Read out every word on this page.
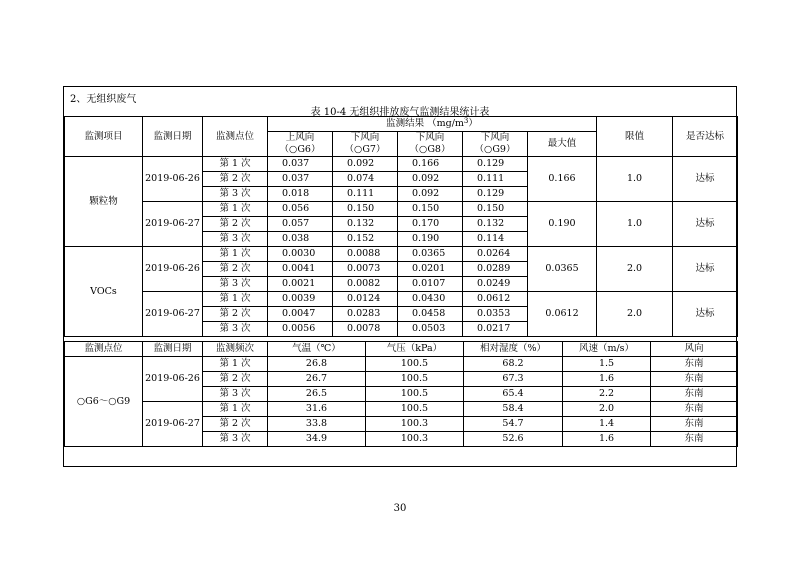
2、无组织废气
表 10-4 无组织排放废气监测结果统计表
监测项目	监测日期	监测点位	监测结果 $(mg/m^3)$					限值	是否达标
			上风向	下风向	下风向	下风向	最大值		
			（○G6）	（○G7）	（○G8）	（○G9）			
颗粒物	2019-06-26	第 1 次	0.037	0.092	0.166	0.129	0.166	1.0	达标
		第 2 次	0.037	0.074	0.092	0.111			
		第 3 次	0.018	0.111	0.092	0.129			
	2019-06-27	第 1 次	0.056	0.150	0.150	0.150	0.190	1.0	达标
		第 2 次	0.057	0.132	0.170	0.132			
		第 3 次	0.038	0.152	0.190	0.114			
VOCs	2019-06-26	第 1 次	0.0030	0.0088	0.0365	0.0264	0.0365	2.0	达标
		第 2 次	0.0041	0.0073	0.0201	0.0289			
		第 3 次	0.0021	0.0082	0.0107	0.0249			
	2019-06-27	第 1 次	0.0039	0.0124	0.0430	0.0612	0.0612	2.0	达标
		第 2 次	0.0047	0.0283	0.0458	0.0353			
		第 3 次	0.0056	0.0078	0.0503	0.0217			
监测点位	监测日期	监测频次	气温（℃）	气压（kPa）	相对湿度（%）	风速（m/s）	风向
○G6～○G9	2019-06-26	第 1 次	26.8	100.5	68.2	1.5	东南
		第 2 次	26.7	100.5	67.3	1.6	东南
		第 3 次	26.5	100.5	65.4	2.2	东南
	2019-06-27	第 1 次	31.6	100.5	58.4	2.0	东南
		第 2 次	33.8	100.3	54.7	1.4	东南
		第 3 次	34.9	100.3	52.6	1.6	东南
30
